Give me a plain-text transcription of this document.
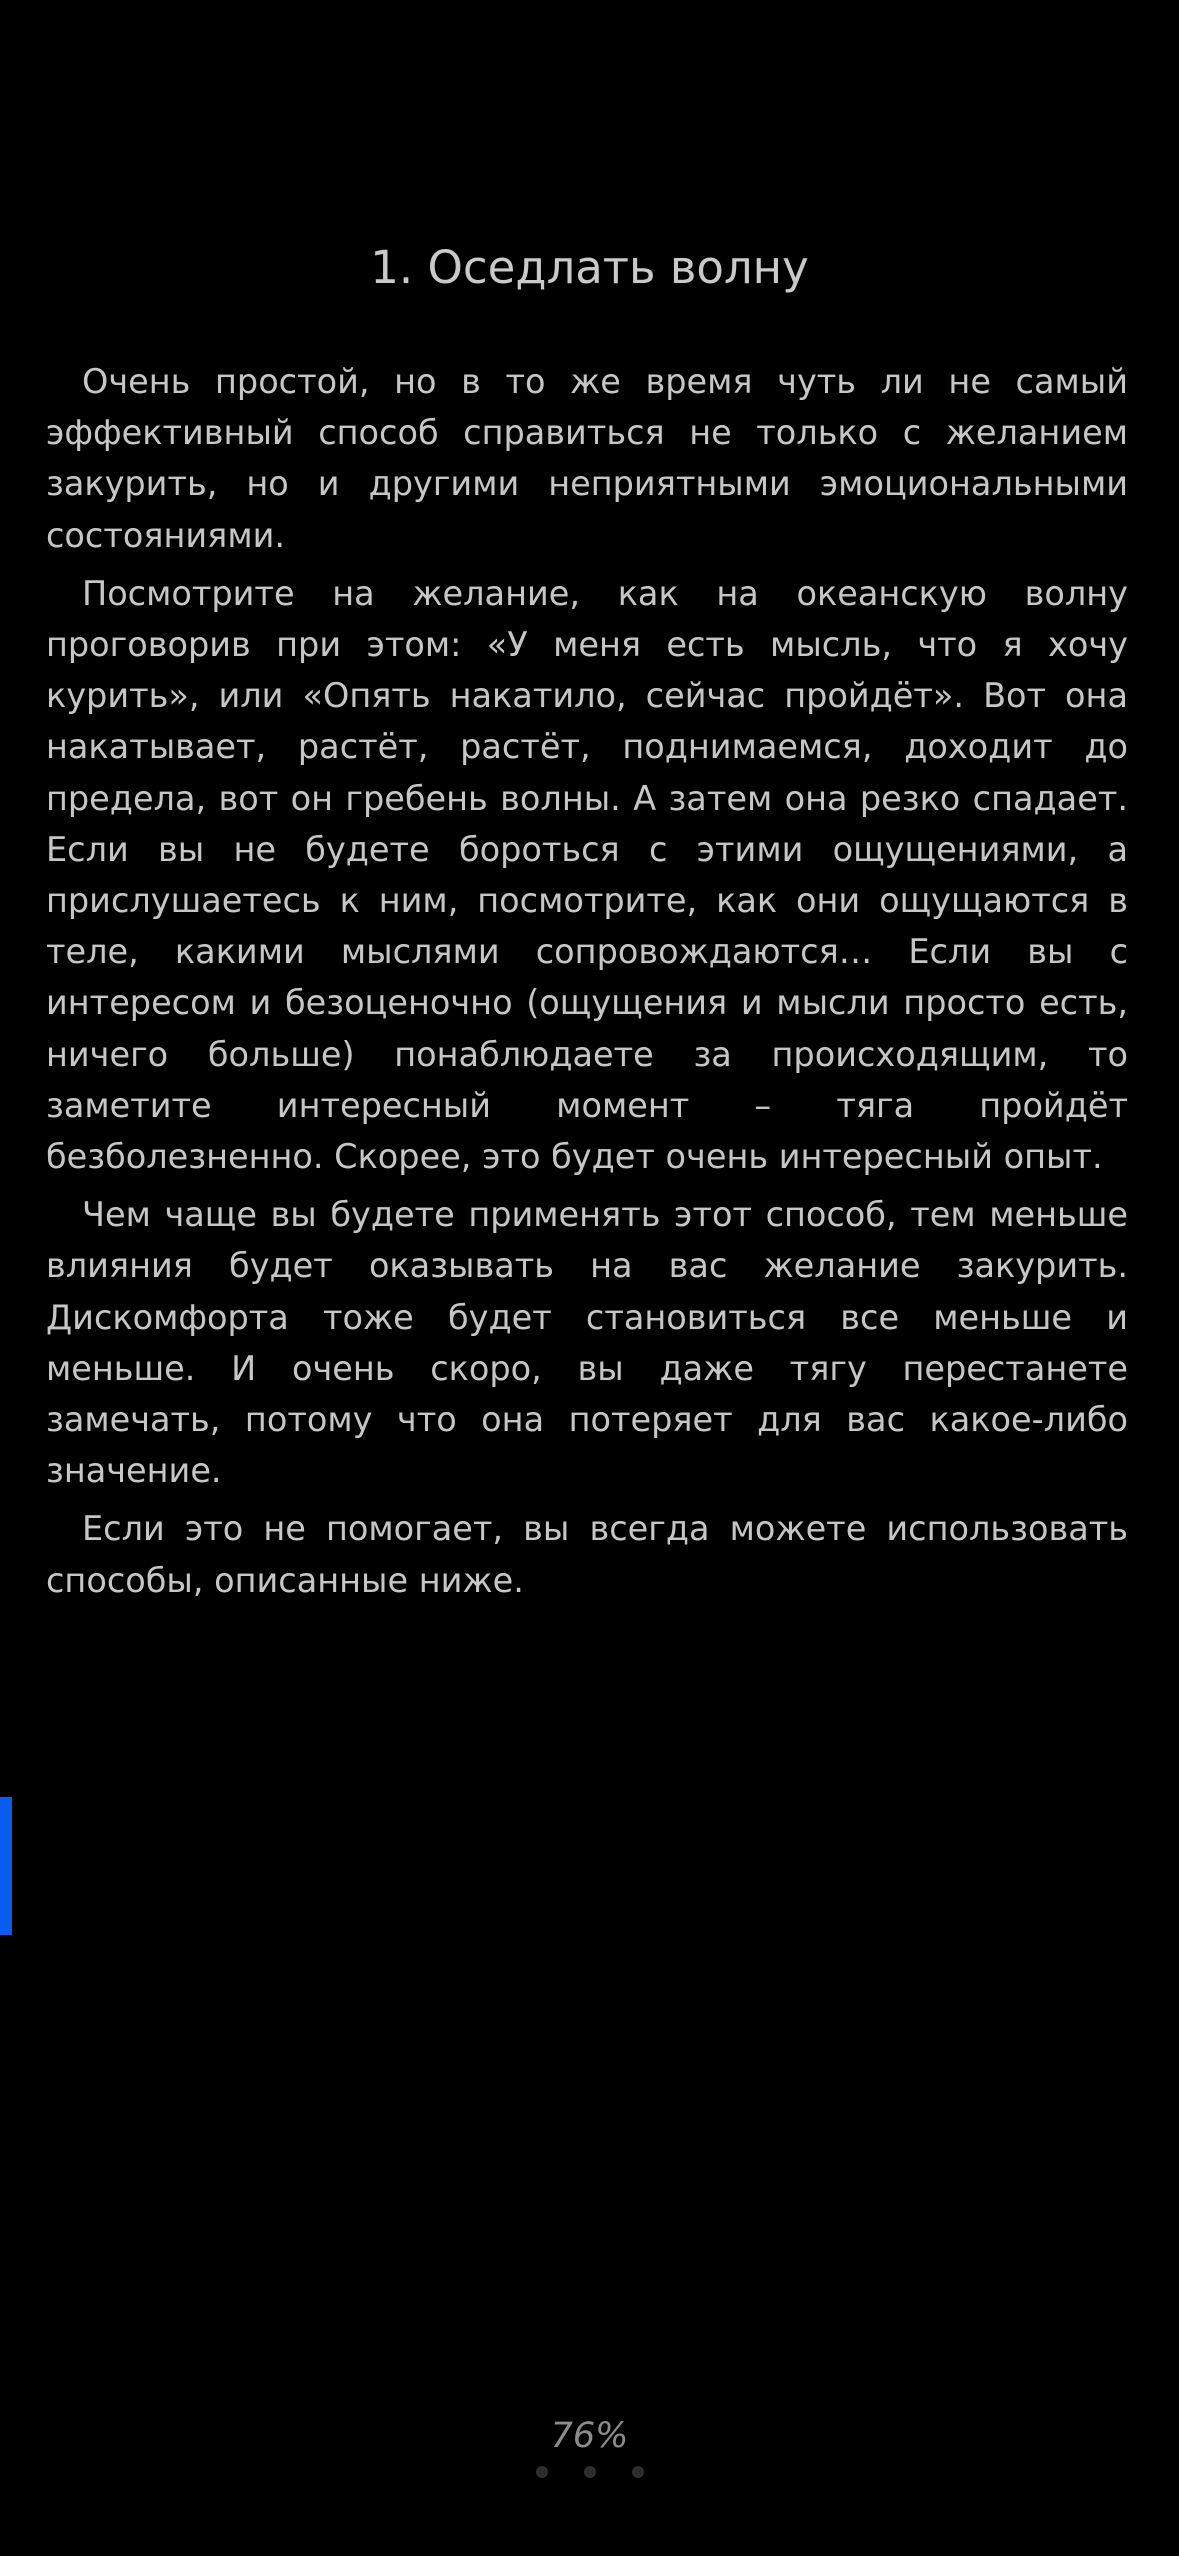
1. Оседлать волну

Очень простой, но в то же время чуть ли не самый эффективный способ справиться не только с желанием закурить, но и другими неприятными эмоциональными состояниями.

Посмотрите на желание, как на океанскую волну проговорив при этом: «У меня есть мысль, что я хочу курить», или «Опять накатило, сейчас пройдёт». Вот она накатывает, растёт, растёт, поднимаемся, доходит до предела, вот он гребень волны. А затем она резко спадает. Если вы не будете бороться с этими ощущениями, а прислушаетесь к ним, посмотрите, как они ощущаются в теле, какими мыслями сопровождаются… Если вы с интересом и безоценочно (ощущения и мысли просто есть, ничего больше) понаблюдаете за происходящим, то заметите интересный момент – тяга пройдёт безболезненно. Скорее, это будет очень интересный опыт.

Чем чаще вы будете применять этот способ, тем меньше влияния будет оказывать на вас желание закурить. Дискомфорта тоже будет становиться все меньше и меньше. И очень скоро, вы даже тягу перестанете замечать, потому что она потеряет для вас какое-либо значение.

Если это не помогает, вы всегда можете использовать способы, описанные ниже.

76%
